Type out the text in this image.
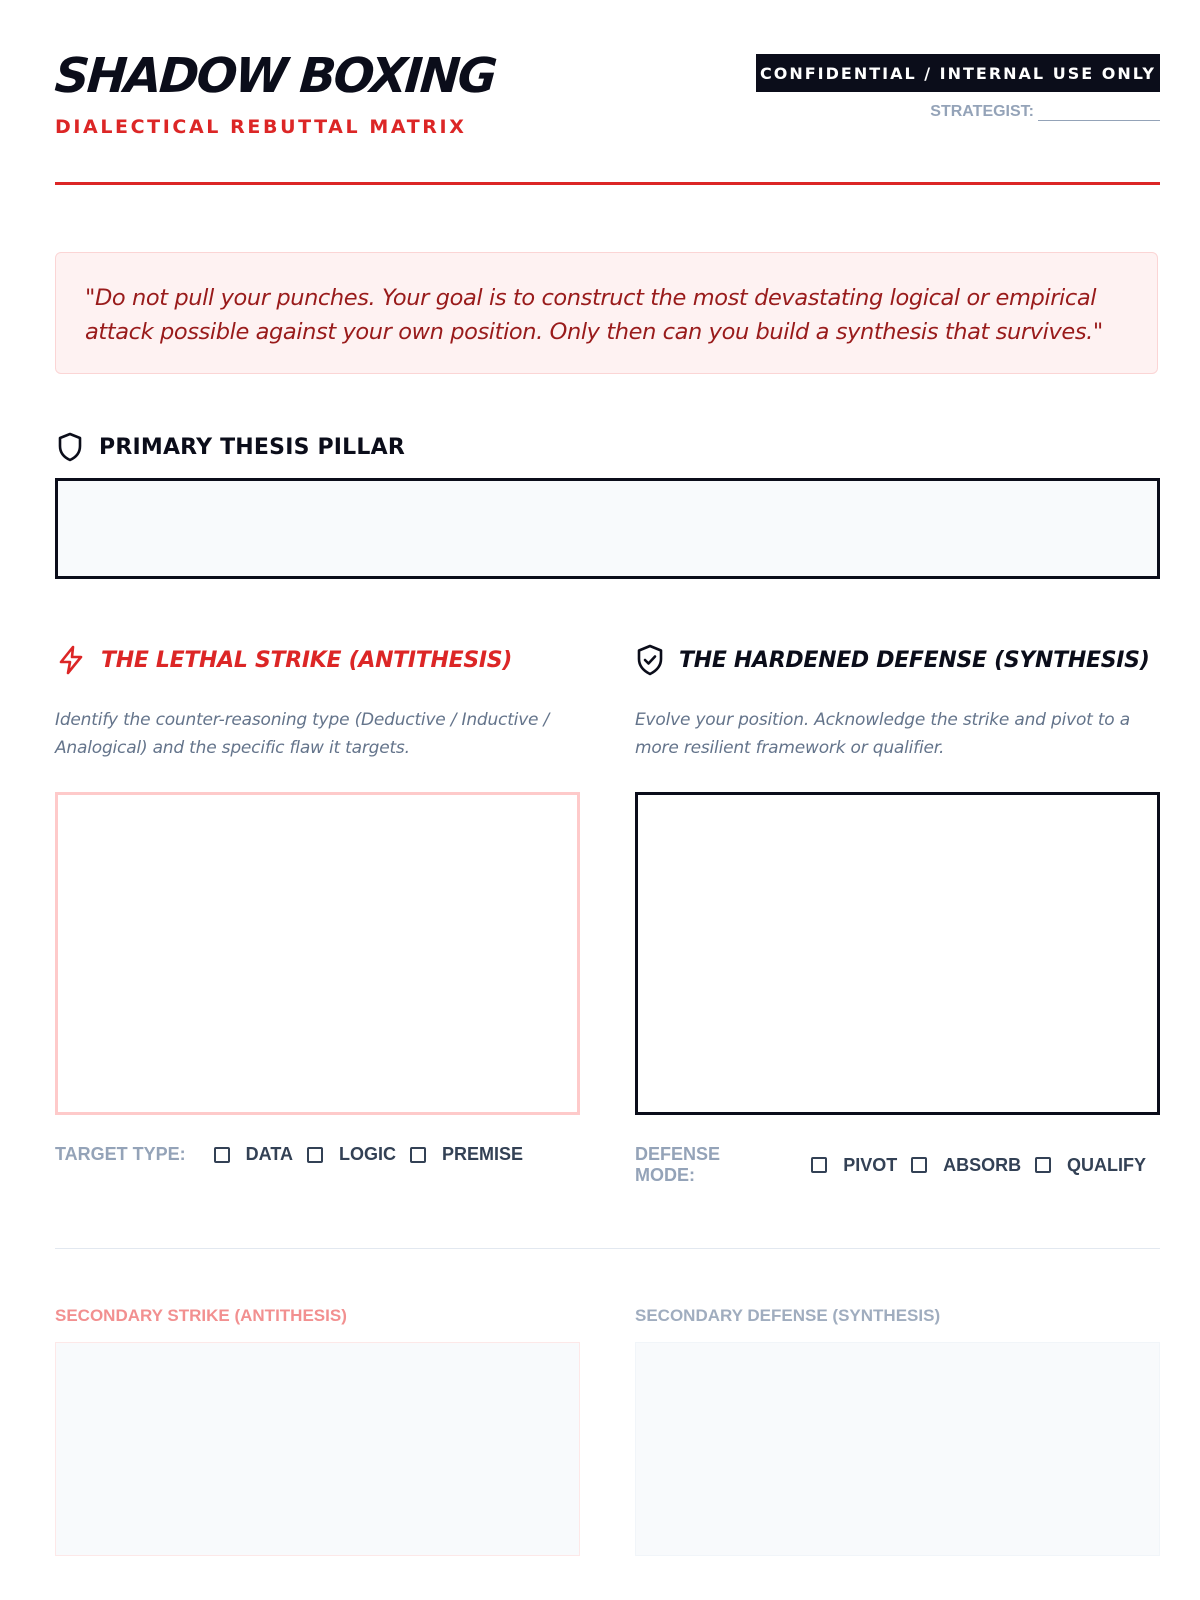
SHADOW BOXING
DIALECTICAL REBUTTAL MATRIX
CONFIDENTIAL / INTERNAL USE ONLY
STRATEGIST:

"Do not pull your punches. Your goal is to construct the most devastating logical or empirical attack possible against your own position. Only then can you build a synthesis that survives."

PRIMARY THESIS PILLAR
THE LETHAL STRIKE (ANTITHESIS)

Identify the counter-reasoning type (Deductive / Inductive / Analogical) and the specific flaw it targets.

TARGET TYPE:	DATA	LOGIC	PREMISE
THE HARDENED DEFENSE (SYNTHESIS)

Evolve your position. Acknowledge the strike and pivot to a more resilient framework or qualifier.

DEFENSE MODE:
PIVOT	ABSORB	QUALIFY
SECONDARY STRIKE (ANTITHESIS)	SECONDARY DEFENSE (SYNTHESIS)
